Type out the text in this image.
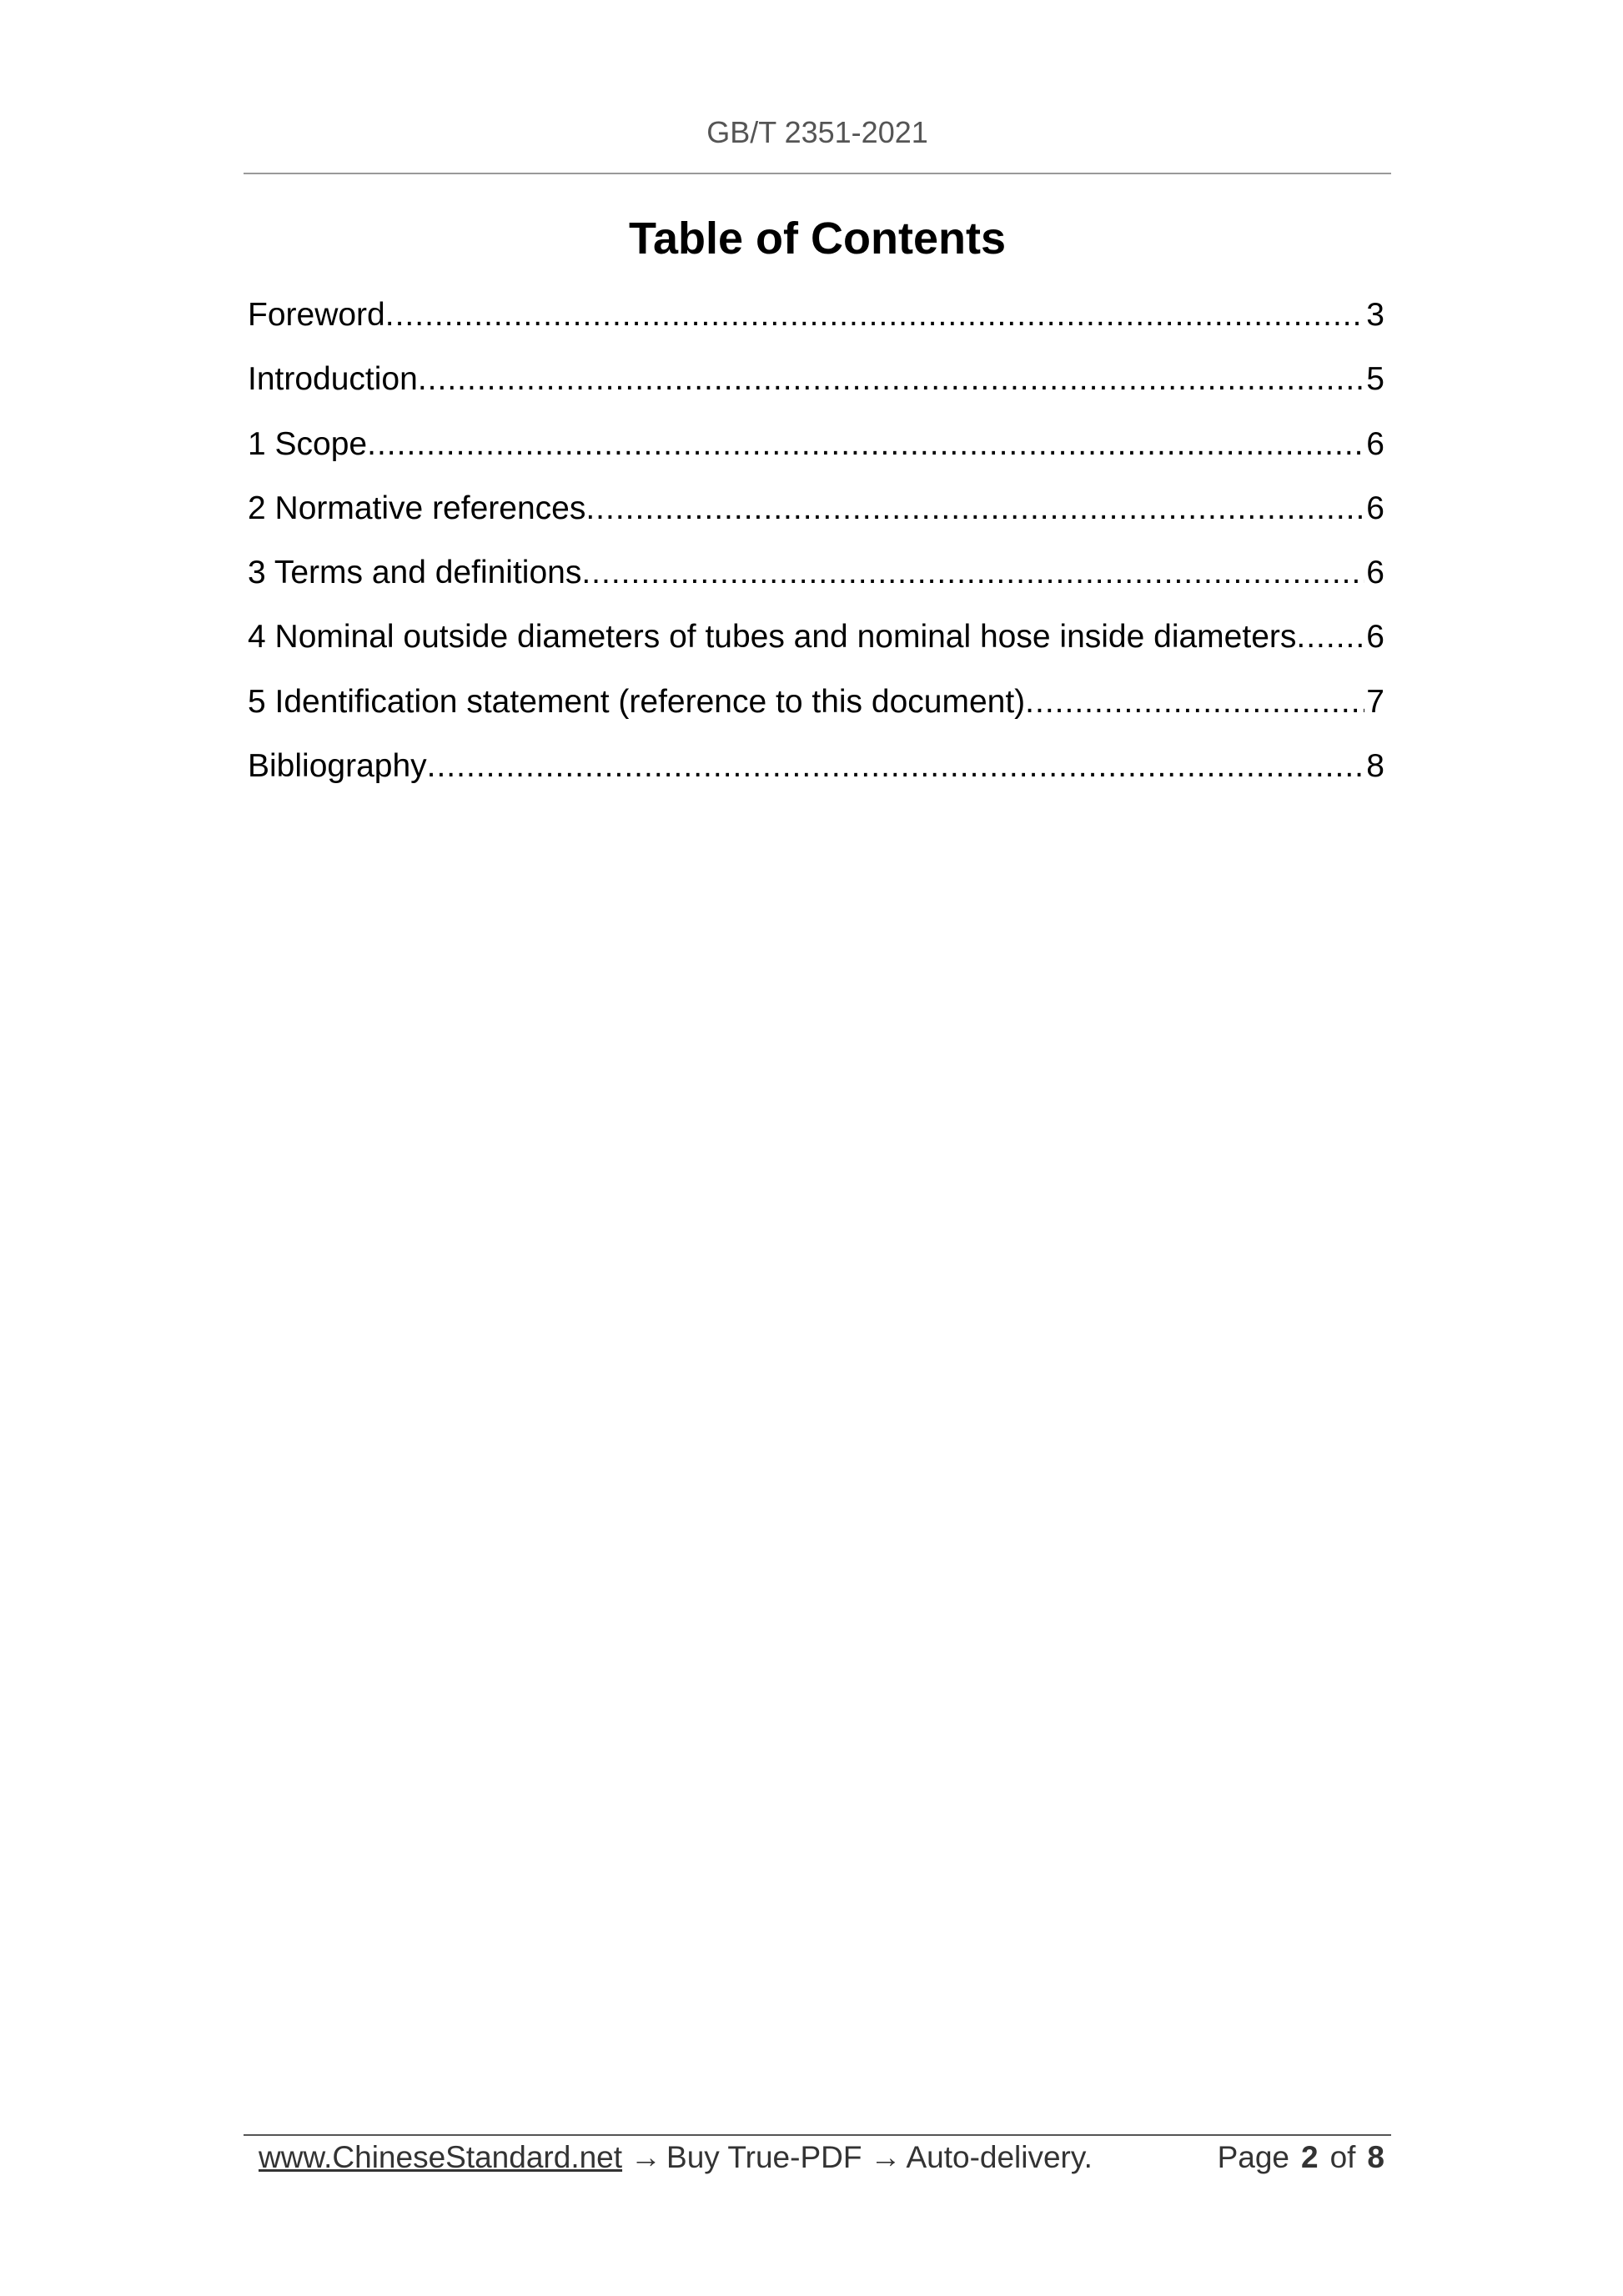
GB/T 2351-2021
Table of Contents
Foreword .....	3
Introduction .....	5
1 Scope .....	6
2 Normative references .....	6
3 Terms and definitions .....	6
4 Nominal outside diameters of tubes and nominal hose inside diameters ..... 6
5 Identification statement (reference to this document) .....	7
Bibliography .....	8
www.ChineseStandard.net → Buy True-PDF → Auto-delivery.	Page 2 of 8
